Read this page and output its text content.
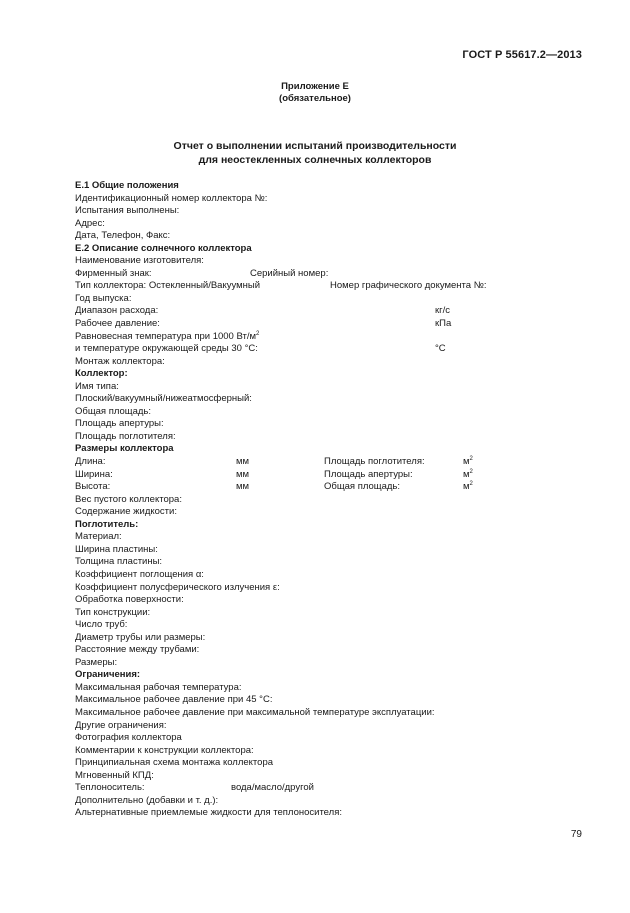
ГОСТ Р 55617.2—2013
Приложение Е
(обязательное)
Отчет о выполнении испытаний производительности
для неостекленных солнечных коллекторов
Е.1 Общие положения
Идентификационный номер коллектора №:
Испытания выполнены:
Адрес:
Дата, Телефон, Факс:
Е.2 Описание солнечного коллектора
Наименование изготовителя:
Фирменный знак:	Серийный номер:
Тип коллектора: Остекленный/Вакуумный	Номер графического документа №:
Год выпуска:
Диапазон расхода:	кг/с
Рабочее давление:	кПа
Равновесная температура при 1000 $Вт/м^2$
и температуре окружающей среды 30 °С:	°С
Монтаж коллектора:
Коллектор:
Имя типа:
Плоский/вакуумный/нижеатмосферный:
Общая площадь:
Площадь апертуры:
Площадь поглотителя:
Размеры коллектора
Длина:	мм	Площадь поглотителя:	$м^2$
Ширина:	мм	Площадь апертуры:	$м^2$
Высота:	мм	Общая площадь:	$м^2$
Вес пустого коллектора:
Содержание жидкости:
Поглотитель:
Материал:
Ширина пластины:
Толщина пластины:
Коэффициент поглощения α:
Коэффициент полусферического излучения ε:
Обработка поверхности:
Тип конструкции:
Число труб:
Диаметр трубы или размеры:
Расстояние между трубами:
Размеры:
Ограничения:
Максимальная рабочая температура:
Максимальное рабочее давление при 45 °С:
Максимальное рабочее давление при максимальной температуре эксплуатации:
Другие ограничения:
Фотография коллектора
Комментарии к конструкции коллектора:
Принципиальная схема монтажа коллектора
Мгновенный КПД:
Теплоноситель:	вода/масло/другой
Дополнительно (добавки и т. д.):
Альтернативные приемлемые жидкости для теплоносителя:
79
